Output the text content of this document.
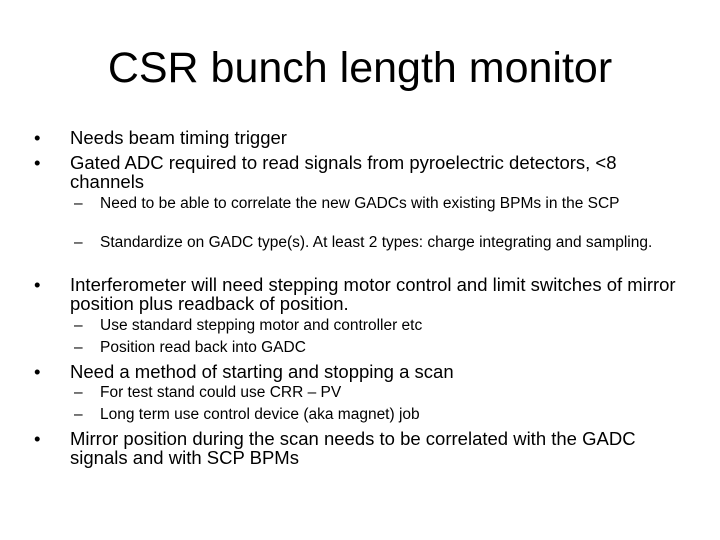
CSR bunch length monitor
•	Needs beam timing trigger
•	Gated ADC required to read signals from pyroelectric detectors, <8 channels
–	Need to be able to correlate the new GADCs with existing BPMs in the SCP
–	Standardize on GADC type(s). At least 2 types: charge integrating and sampling.
•	Interferometer will need stepping motor control and limit switches of mirror position plus readback of position.
–	Use standard stepping motor and controller etc
–	Position read back into GADC
•	Need a method of starting and stopping a scan
–	For test stand could use CRR – PV
–	Long term use control device (aka magnet) job
•	Mirror position during the scan needs to be correlated with the GADC signals and with SCP BPMs
